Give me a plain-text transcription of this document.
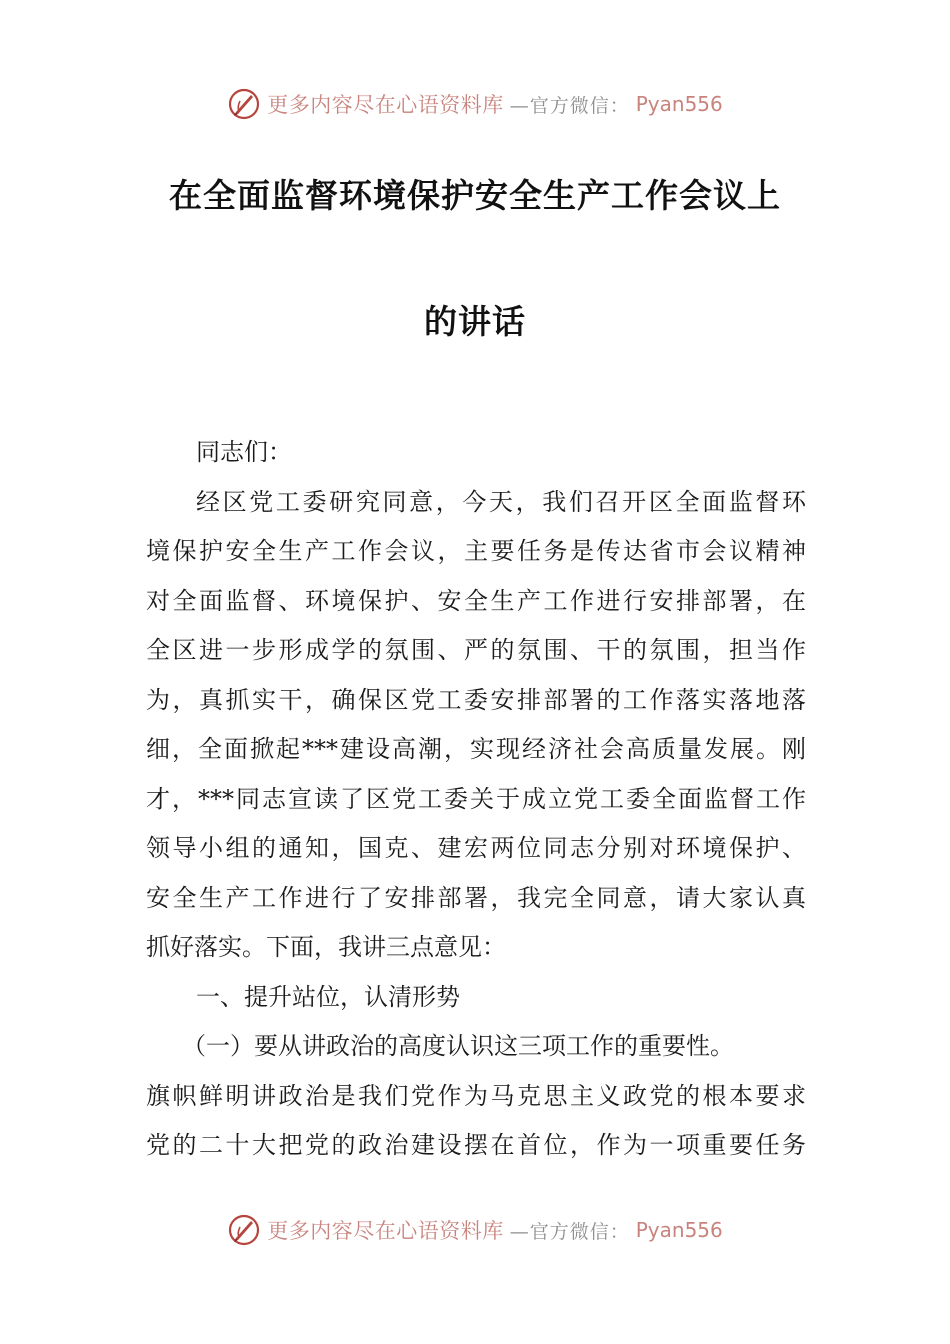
更多内容尽在心语资料库 —官方微信： Pyan556
在全面监督环境保护安全生产工作会议上
的讲话
同志们：
经区党工委研究同意，今天，我们召开区全面监督环
境保护安全生产工作会议，主要任务是传达省市会议精神
对全面监督、环境保护、安全生产工作进行安排部署，在
全区进一步形成学的氛围、严的氛围、干的氛围，担当作
为，真抓实干，确保区党工委安排部署的工作落实落地落
细，全面掀起***建设高潮，实现经济社会高质量发展。刚
才，***同志宣读了区党工委关于成立党工委全面监督工作
领导小组的通知，国克、建宏两位同志分别对环境保护、
安全生产工作进行了安排部署，我完全同意，请大家认真
抓好落实。下面，我讲三点意见：
一、提升站位，认清形势
（一）要从讲政治的高度认识这三项工作的重要性。
旗帜鲜明讲政治是我们党作为马克思主义政党的根本要求
党的二十大把党的政治建设摆在首位，作为一项重要任务
更多内容尽在心语资料库 —官方微信： Pyan556
